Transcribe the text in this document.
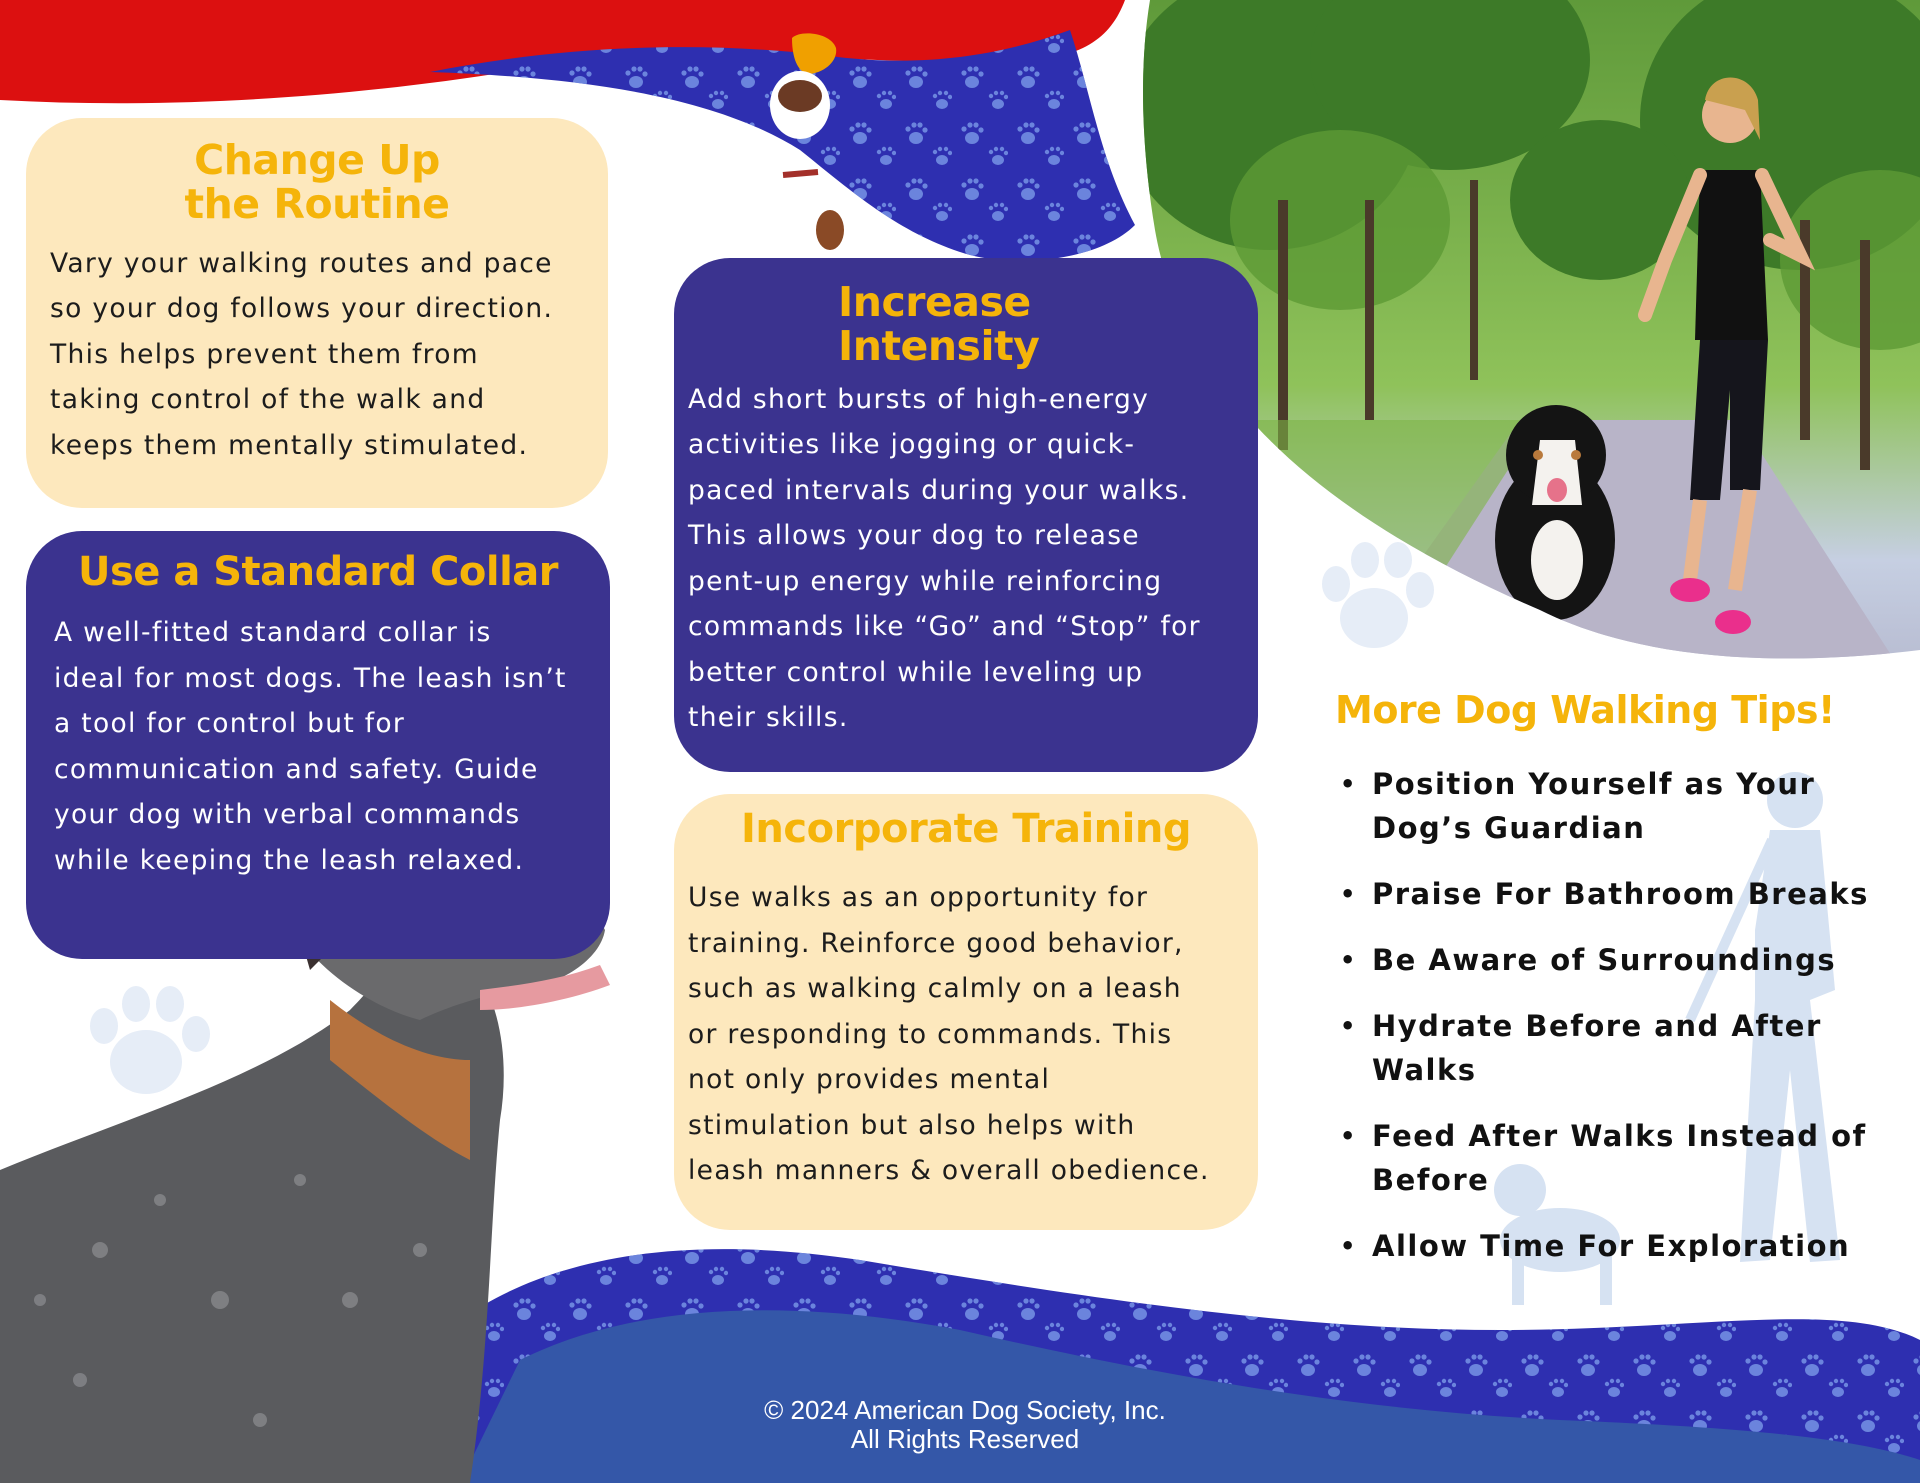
Change Up
the Routine
Vary your walking routes and pace
so your dog follows your direction.
This helps prevent them from
taking control of the walk and
keeps them mentally stimulated.
Use a Standard Collar
A well-fitted standard collar is
ideal for most dogs. The leash isn’t
a tool for control but for
communication and safety. Guide
your dog with verbal commands
while keeping the leash relaxed.
Increase
Intensity
Add short bursts of high-energy
activities like jogging or quick-
paced intervals during your walks.
This allows your dog to release
pent-up energy while reinforcing
commands like “Go” and “Stop” for
better control while leveling up
their skills.
Incorporate Training
Use walks as an opportunity for
training. Reinforce good behavior,
such as walking calmly on a leash
or responding to commands. This
not only provides mental
stimulation but also helps with
leash manners & overall obedience.
More Dog Walking Tips!
• Position Yourself as Your Dog’s Guardian
• Praise For Bathroom Breaks
• Be Aware of Surroundings
• Hydrate Before and After Walks
• Feed After Walks Instead of Before
• Allow Time For Exploration
© 2024 American Dog Society, Inc.
All Rights Reserved
